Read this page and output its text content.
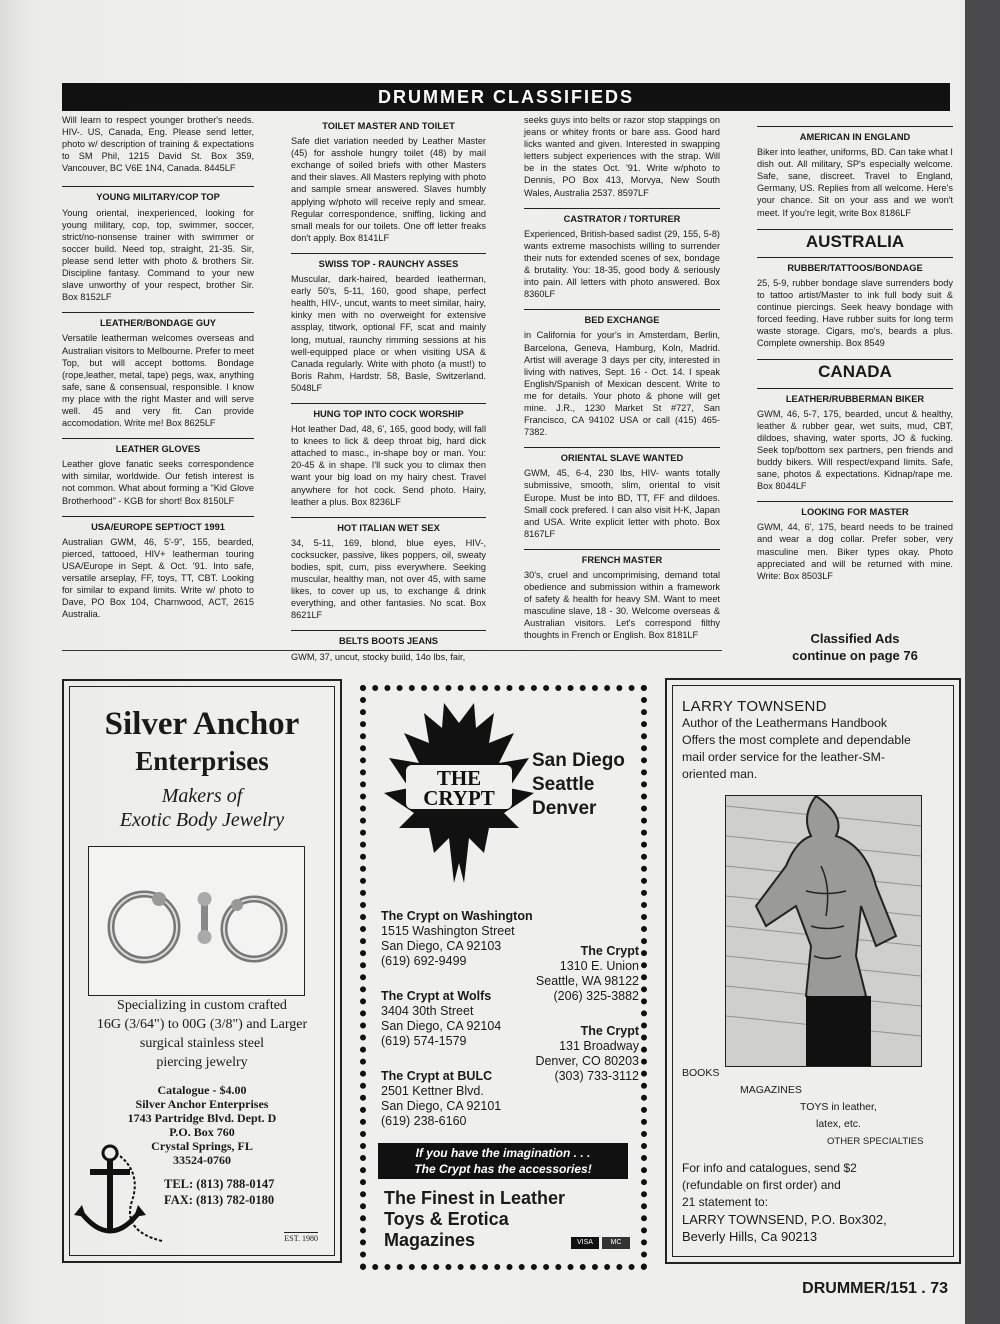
DRUMMER CLASSIFIEDS

Will learn to respect younger brother's needs. HIV-. US, Canada, Eng. Please send letter, photo w/ description of training & expectations to SM Phil, 1215 David St. Box 359, Vancouver, BC V6E 1N4, Canada. 8445LF

YOUNG MILITARY/COP TOP

Young oriental, inexperienced, looking for young military, cop, top, swimmer, soccer, strict/no-nonsense trainer with swimmer or soccer build. Need top, straight, 21-35. Sir, please send letter with photo & brothers Sir. Discipline fantasy. Command to your new slave unworthy of your respect, brother Sir. Box 8152LF

LEATHER/BONDAGE GUY

Versatile leatherman welcomes overseas and Australian visitors to Melbourne. Prefer to meet Top, but will accept bottoms. Bondage (rope,leather, metal, tape) pegs, wax, anything safe, sane & consensual, responsible. I know my place with the right Master and will serve well. 45 and very fit. Can provide accomodation. Write me! Box 8625LF

LEATHER GLOVES

Leather glove fanatic seeks correspondence with similar, worldwide. Our fetish interest is not common. What about forming a "Kid Glove Brotherhood" - KGB for short! Box 8150LF

USA/EUROPE SEPT/OCT 1991

Australian GWM, 46, 5'-9", 155, bearded, pierced, tattooed, HIV+ leatherman touring USA/Europe in Sept. & Oct. '91. Into safe, versatile arseplay, FF, toys, TT, CBT. Looking for similar to expand limits. Write w/ photo to Dave, PO Box 104, Charnwood, ACT, 2615 Australia.

TOILET MASTER AND TOILET

Safe diet variation needed by Leather Master (45) for asshole hungry toilet (48) by mail exchange of soiled briefs with other Masters and their slaves. All Masters replying with photo and sample smear answered. Slaves humbly applying w/photo will receive reply and smear. Regular correspondence, sniffing, licking and small meals for our toilets. One off letter freaks don't apply. Box 8141LF

SWISS TOP - RAUNCHY ASSES

Muscular, dark-haired, bearded leatherman, early 50's, 5-11, 160, good shape, perfect health, HIV-, uncut, wants to meet similar, hairy, kinky men with no overweight for extensive assplay, titwork, optional FF, scat and mainly long, mutual, raunchy rimming sessions at his well-equipped place or when visiting USA & Canada regularly. Write with photo (a must!) to Boris Rahm, Hardstr. 58, Basle, Switzerland. 5048LF

HUNG TOP INTO COCK WORSHIP

Hot leather Dad, 48, 6', 165, good body, will fall to knees to lick & deep throat big, hard dick attached to masc., in-shape boy or man. You: 20-45 & in shape. I'll suck you to climax then want your big load on my hairy chest. Travel anywhere for hot cock. Send photo. Hairy, leather a plus. Box 8236LF

HOT ITALIAN WET SEX

34, 5-11, 169, blond, blue eyes, HIV-, cocksucker, passive, likes poppers, oil, sweaty bodies, spit, cum, piss everywhere. Seeking muscular, healthy man, not over 45, with same likes, to cover up us, to exchange & drink everything, and other fantasies. No scat. Box 8621LF

BELTS BOOTS JEANS

GWM, 37, uncut, stocky build, 14o lbs, fair,

seeks guys into belts or razor stop stappings on jeans or whitey fronts or bare ass. Good hard licks wanted and given. Interested in swapping letters subject experiences with the strap. Will be in the states Oct. '91. Write w/photo to Dennis, PO Box 413, Morvya, New South Wales, Australia 2537. 8597LF

CASTRATOR / TORTURER

Experienced, British-based sadist (29, 155, 5-8) wants extreme masochists willing to surrender their nuts for extended scenes of sex, bondage & brutality. You: 18-35, good body & seriously into pain. All letters with photo answered. Box 8360LF

BED EXCHANGE

in California for your's in Amsterdam, Berlin, Barcelona, Geneva, Hamburg, Koln, Madrid. Artist will average 3 days per city, interested in living with natives, Sept. 16 - Oct. 14. I speak English/Spanish of Mexican descent. Write to me for details. Your photo & phone will get mine. J.R., 1230 Market St #727, San Francisco, CA 94102 USA or call (415) 465-7382.

ORIENTAL SLAVE WANTED

GWM, 45, 6-4, 230 lbs, HIV- wants totally submissive, smooth, slim, oriental to visit Europe. Must be into BD, TT, FF and dildoes. Small cock prefered. I can also visit H-K, Japan and USA. Write explicit letter with photo. Box 8167LF

FRENCH MASTER

30's, cruel and uncomprimising, demand total obedience and submission within a framework of safety & health for heavy SM. Want to meet masculine slave, 18 - 30. Welcome overseas & Australian visitors. Let's correspond filthy thoughts in French or English. Box 8181LF

AMERICAN IN ENGLAND

Biker into leather, uniforms, BD. Can take what I dish out. All military, SP's especially welcome. Safe, sane, discreet. Travel to England, Germany, US. Replies from all welcome. Here's your chance. Sit on your ass and we won't meet. If you're legit, write Box 8186LF

AUSTRALIA
RUBBER/TATTOOS/BONDAGE

25, 5-9, rubber bondage slave surrenders body to tattoo artist/Master to ink full body suit & continue piercings. Seek heavy bondage with forced feeding. Have rubber suits for long term waste storage. Cigars, mo's, beards a plus. Complete ownership. Box 8549

CANADA
LEATHER/RUBBERMAN BIKER

GWM, 46, 5-7, 175, bearded, uncut & healthy, leather & rubber gear, wet suits, mud, CBT, dildoes, shaving, water sports, JO & fucking. Seek top/bottom sex partners, pen friends and buddy bikers. Will respect/expand limits. Safe, sane, photos & expectations. Kidnap/rape me. Box 8044LF

LOOKING FOR MASTER

GWM, 44, 6', 175, beard needs to be trained and wear a dog collar. Prefer sober, very masculine men. Biker types okay. Photo appreciated and will be returned with mine. Write: Box 8503LF

Classified Ads
continue on page 76
Silver Anchor
Enterprises
Makers of
Exotic Body Jewelry
Specializing in custom crafted
16G (3/64") to 00G (3/8") and Larger
surgical stainless steel
piercing jewelry
Catalogue - $4.00
Silver Anchor Enterprises
1743 Partridge Blvd. Dept. D
P.O. Box 760
Crystal Springs, FL
33524-0760
TEL: (813) 788-0147
FAX: (813) 782-0180
EST. 1980
THE
CRYPT
San Diego
Seattle
Denver
The Crypt on Washington
1515 Washington Street
San Diego, CA 92103
(619) 692-9499
The Crypt
1310 E. Union
Seattle, WA 98122
(206) 325-3882
The Crypt at Wolfs
3404 30th Street
San Diego, CA 92104
(619) 574-1579
The Crypt
131 Broadway
Denver, CO 80203
(303) 733-3112
The Crypt at BULC
2501 Kettner Blvd.
San Diego, CA 92101
(619) 238-6160
If you have the imagination . . .
The Crypt has the accessories!
The Finest in Leather
Toys & Erotica
Magazines	VISA	MC
LARRY TOWNSEND
Author of the Leathermans Handbook
Offers the most complete and dependable
mail order service for the leather-SM-
oriented man.
BOOKS
MAGAZINES
TOYS in leather,
latex, etc.
OTHER SPECIALTIES
For info and catalogues, send $2
(refundable on first order) and
21 statement to:
LARRY TOWNSEND, P.O. Box302,
Beverly Hills, Ca 90213
DRUMMER/151 . 73
